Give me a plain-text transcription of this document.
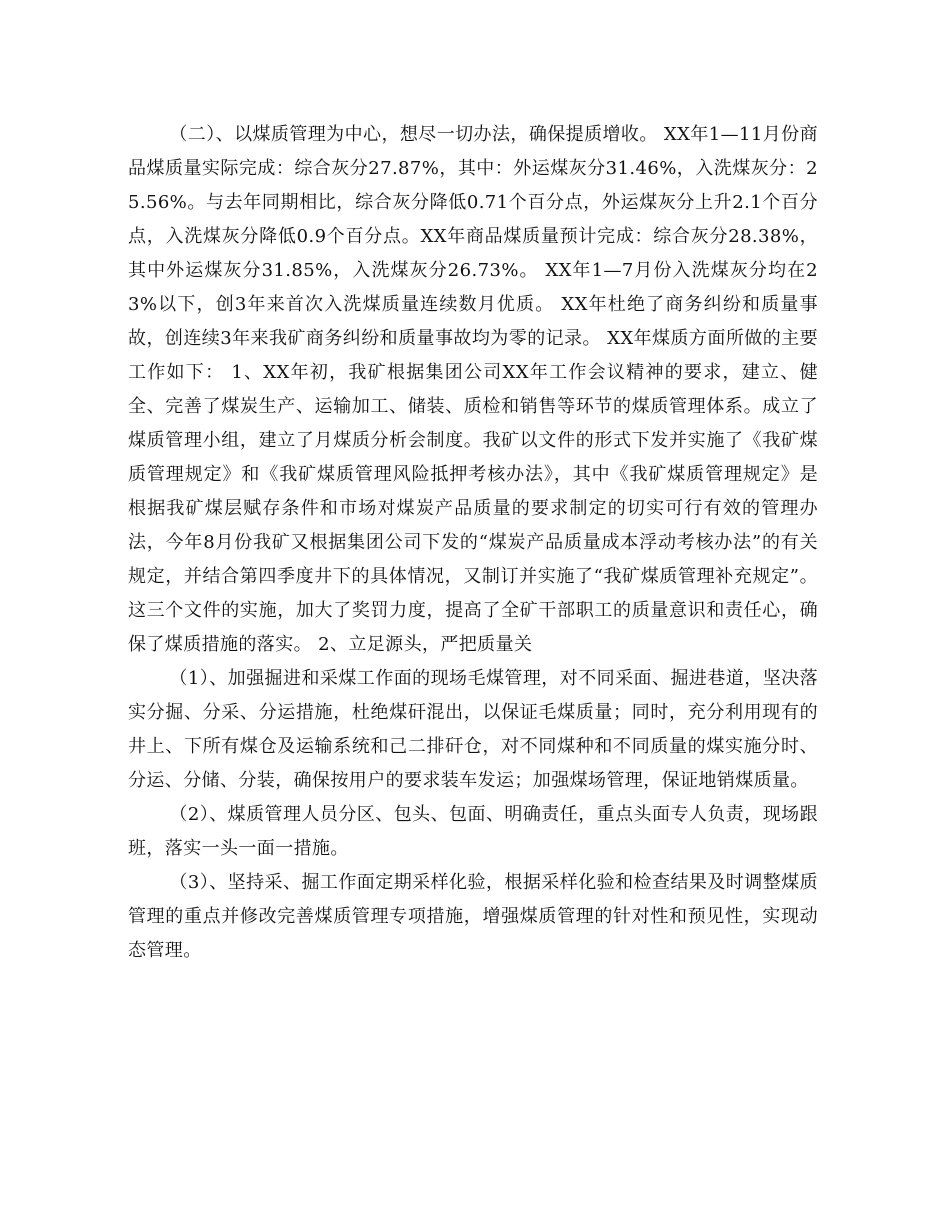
（二）、以煤质管理为中心，想尽一切办法，确保提质增收。 XX年1—11月份商品煤质量实际完成：综合灰分27.87%，其中：外运煤灰分31.46%，入洗煤灰分：25.56%。与去年同期相比，综合灰分降低0.71个百分点，外运煤灰分上升2.1个百分点，入洗煤灰分降低0.9个百分点。XX年商品煤质量预计完成：综合灰分28.38%，其中外运煤灰分31.85%，入洗煤灰分26.73%。 XX年1—7月份入洗煤灰分均在23%以下，创3年来首次入洗煤质量连续数月优质。 XX年杜绝了商务纠纷和质量事故，创连续3年来我矿商务纠纷和质量事故均为零的记录。 XX年煤质方面所做的主要工作如下： 1、XX年初，我矿根据集团公司XX年工作会议精神的要求，建立、健全、完善了煤炭生产、运输加工、储装、质检和销售等环节的煤质管理体系。成立了煤质管理小组，建立了月煤质分析会制度。我矿以文件的形式下发并实施了《我矿煤质管理规定》和《我矿煤质管理风险抵押考核办法》，其中《我矿煤质管理规定》是根据我矿煤层赋存条件和市场对煤炭产品质量的要求制定的切实可行有效的管理办法，今年8月份我矿又根据集团公司下发的“煤炭产品质量成本浮动考核办法”的有关规定，并结合第四季度井下的具体情况，又制订并实施了“我矿煤质管理补充规定”。这三个文件的实施，加大了奖罚力度，提高了全矿干部职工的质量意识和责任心，确保了煤质措施的落实。 2、立足源头，严把质量关

（1）、加强掘进和采煤工作面的现场毛煤管理，对不同采面、掘进巷道，坚决落实分掘、分采、分运措施，杜绝煤矸混出，以保证毛煤质量；同时，充分利用现有的井上、下所有煤仓及运输系统和己二排矸仓，对不同煤种和不同质量的煤实施分时、分运、分储、分装，确保按用户的要求装车发运；加强煤场管理，保证地销煤质量。

（2）、煤质管理人员分区、包头、包面、明确责任，重点头面专人负责，现场跟班，落实一头一面一措施。

（3）、坚持采、掘工作面定期采样化验，根据采样化验和检查结果及时调整煤质管理的重点并修改完善煤质管理专项措施，增强煤质管理的针对性和预见性，实现动态管理。
